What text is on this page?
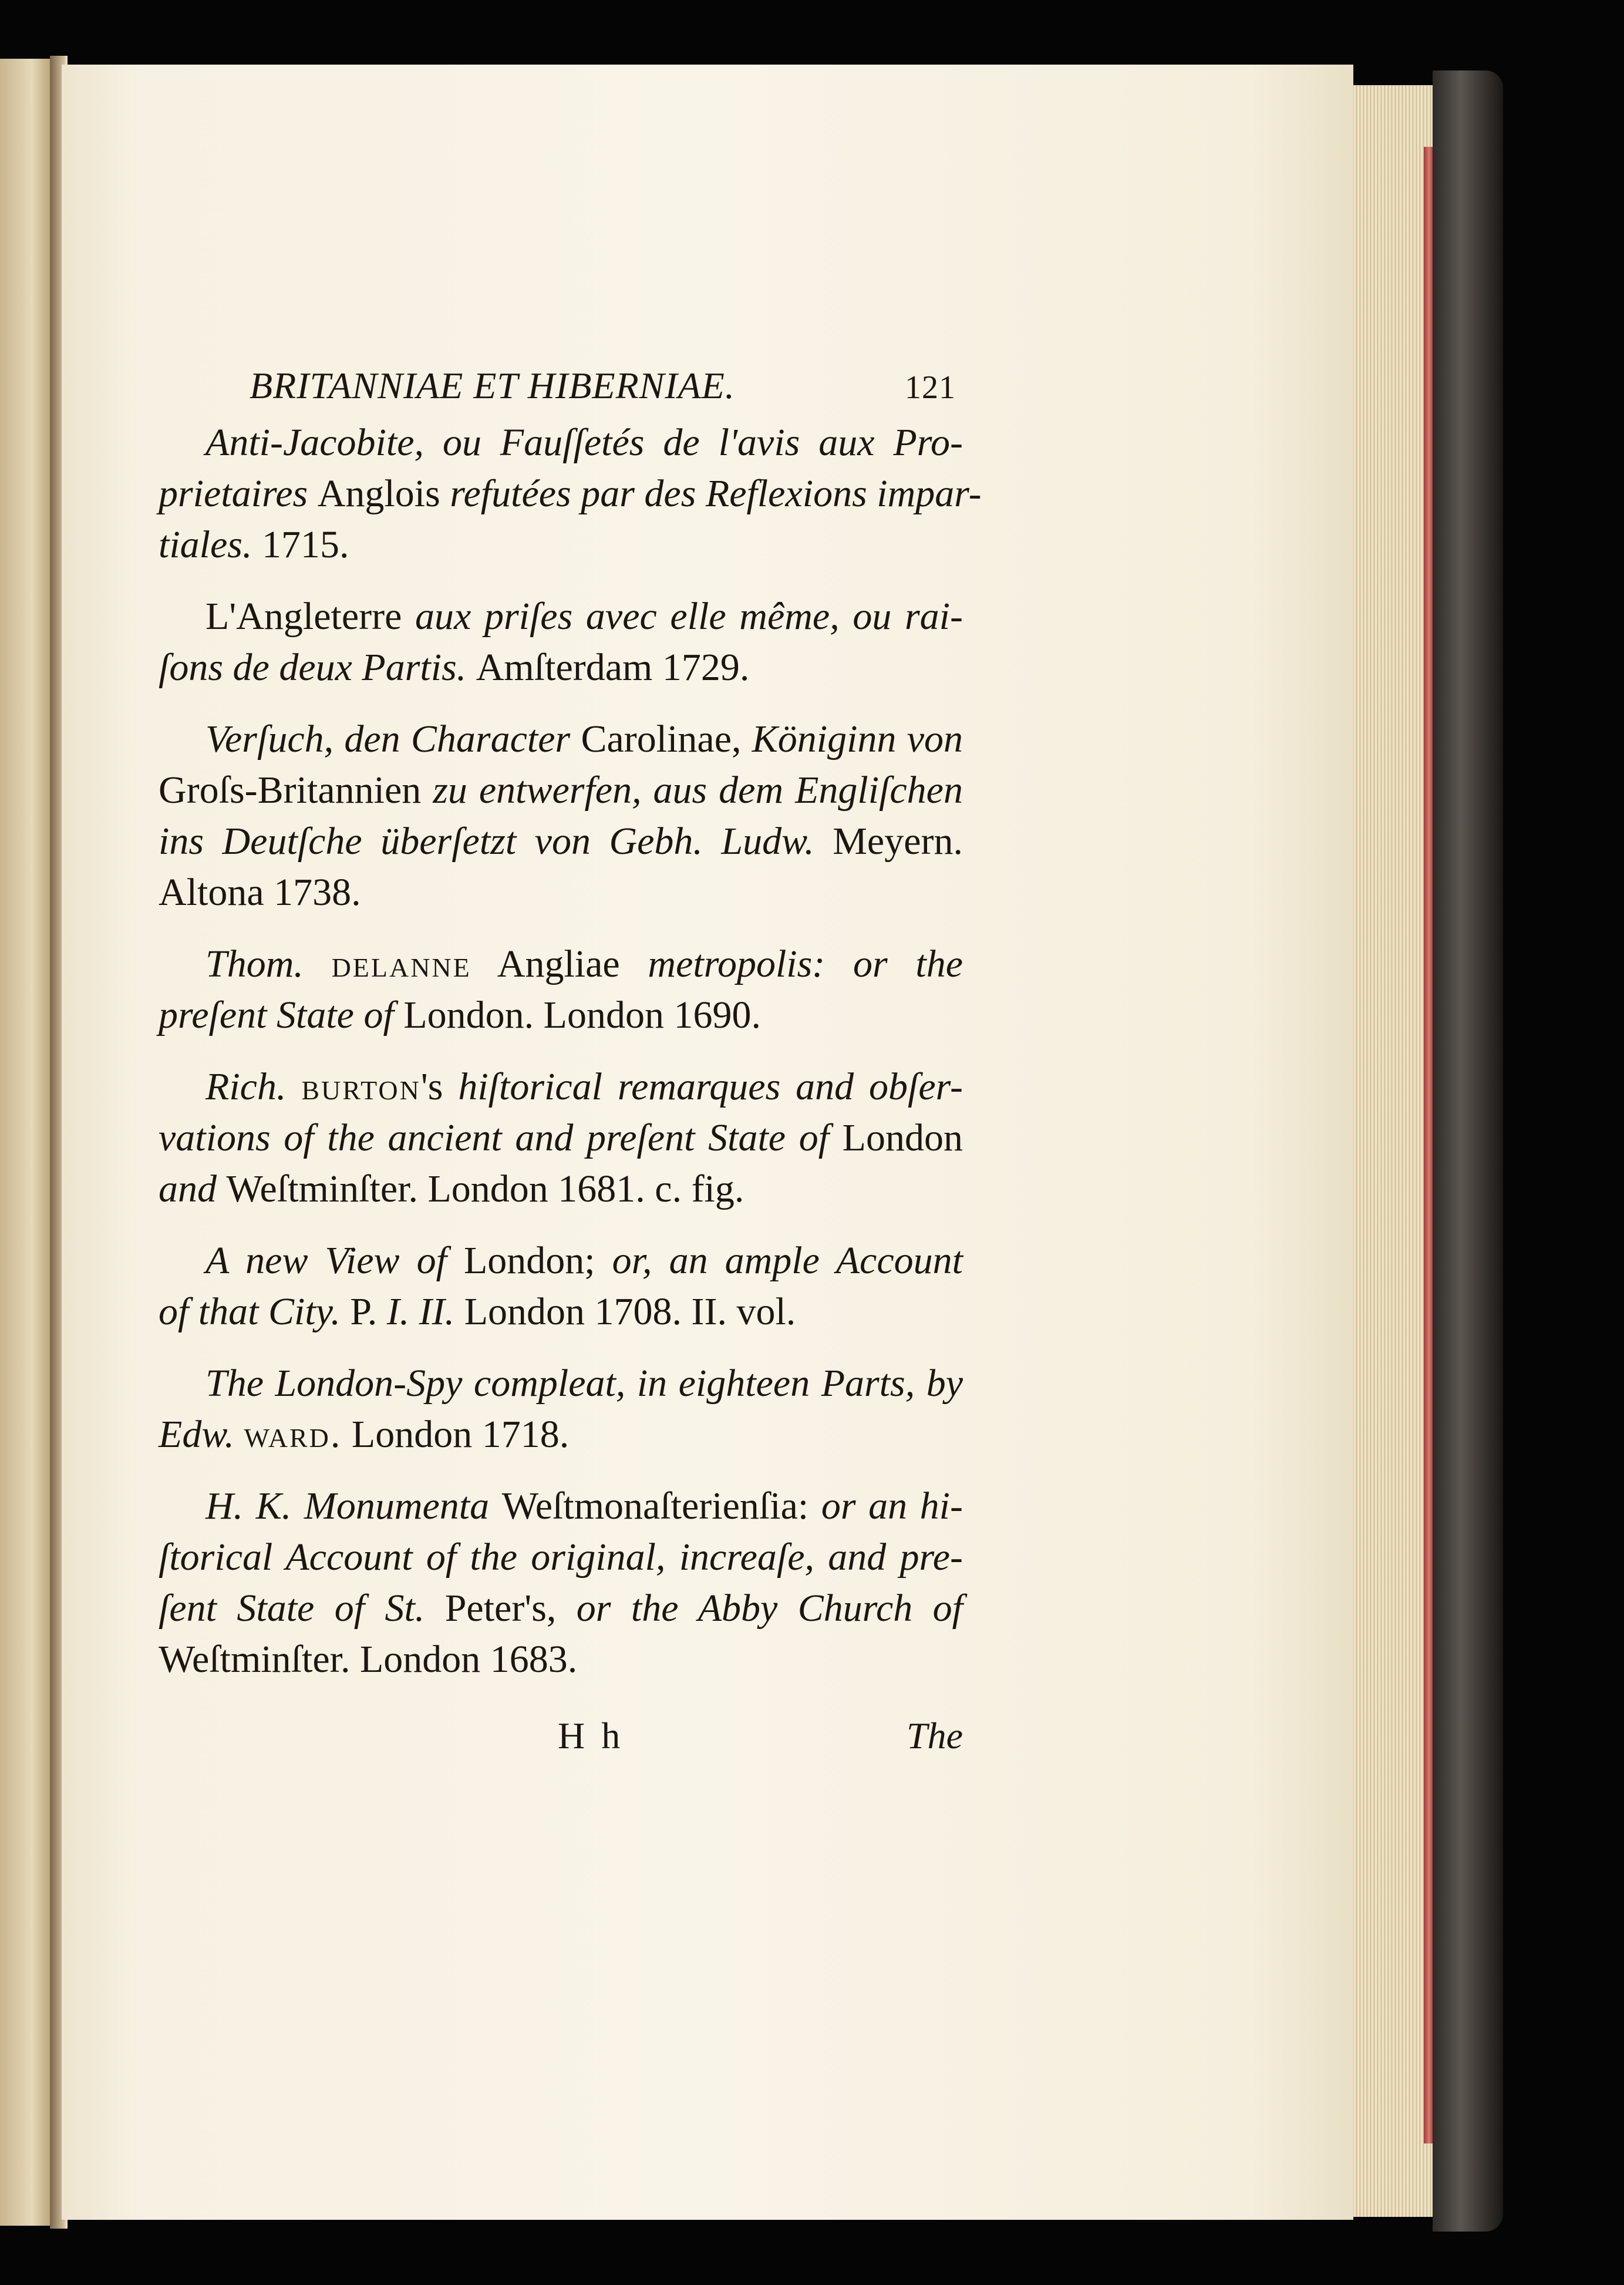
BRITANNIAE ET HIBERNIAE.	121
Anti-Jacobite, ou Fauſſetés de l'avis aux Pro-
prietaires Anglois refutées par des Reflexions impar-
tiales. 1715.
L'Angleterre aux priſes avec elle même, ou rai-
ſons de deux Partis. Amſterdam 1729.
Verſuch, den Character Carolinae, Königinn von
Groſs-Britannien zu entwerfen, aus dem Engliſchen
ins Deutſche überſetzt von Gebh. Ludw. Meyern.
Altona 1738.
Thom. delanne Angliae metropolis: or the
preſent State of London. London 1690.
Rich. burton's hiſtorical remarques and obſer-
vations of the ancient and preſent State of London
and Weſtminſter. London 1681. c. fig.
A new View of London; or, an ample Account
of that City. P. I. II. London 1708. II. vol.
The London-Spy compleat, in eighteen Parts, by
Edw. ward. London 1718.
H. K. Monumenta Weſtmonaſterienſia: or an hi-
ſtorical Account of the original, increaſe, and pre-
ſent State of St. Peter's, or the Abby Church of
Weſtminſter. London 1683.
H h	The
